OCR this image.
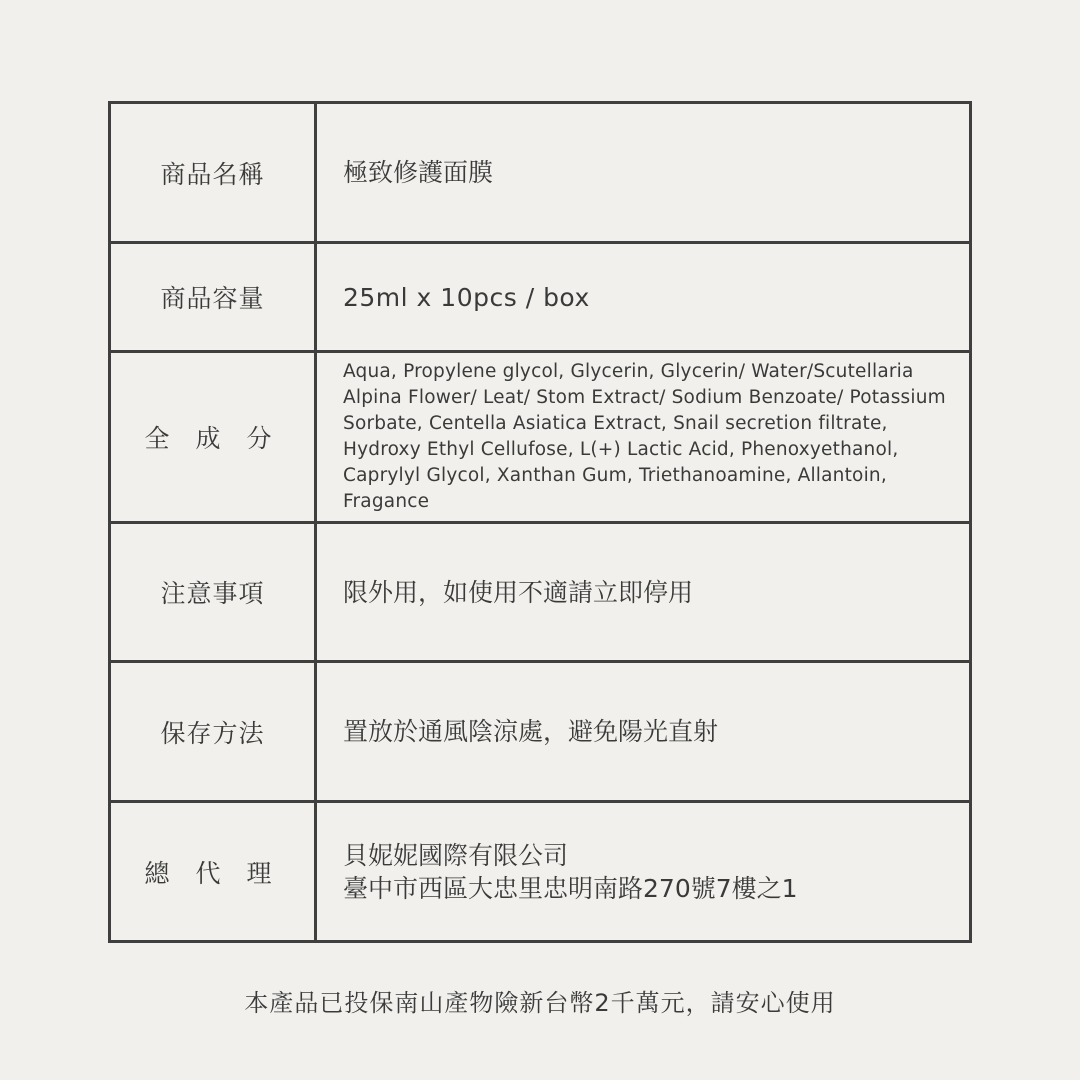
商品名稱	極致修護面膜
商品容量	25ml x 10pcs / box
全 成 分	Aqua, Propylene glycol, Glycerin, Glycerin/ Water/Scutellaria Alpina Flower/ Leat/ Stom Extract/ Sodium Benzoate/ Potassium Sorbate, Centella Asiatica Extract, Snail secretion filtrate, Hydroxy Ethyl Cellufose, L(+) Lactic Acid, Phenoxyethanol, Caprylyl Glycol, Xanthan Gum, Triethanoamine, Allantoin, Fragance
注意事項	限外用，如使用不適請立即停用
保存方法	置放於通風陰涼處，避免陽光直射
總 代 理	貝妮妮國際有限公司
臺中市西區大忠里忠明南路270號7樓之1
本產品已投保南山產物險新台幣2千萬元，請安心使用
